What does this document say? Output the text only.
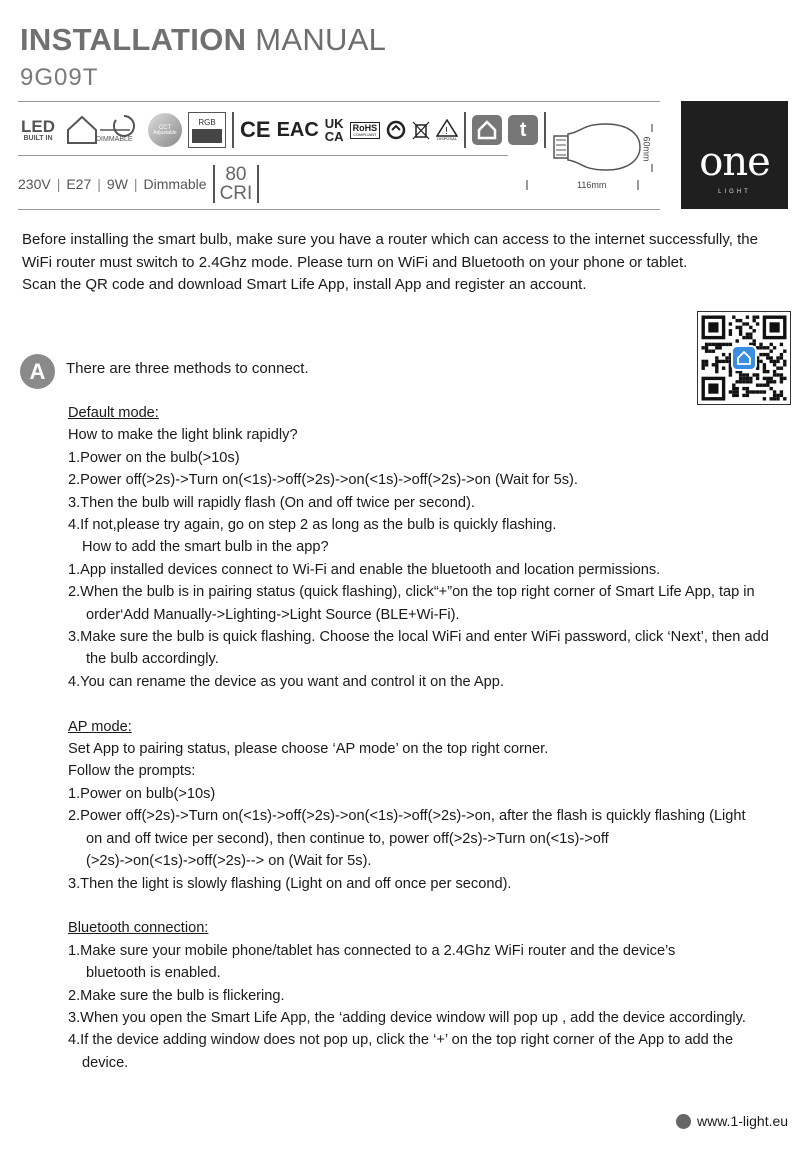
INSTALLATION MANUAL
9G09T
LED
BUILT IN	DIMMABLE
CCT
Adjustable
RGB CE EAC UK
CA
RoHS
COMPLIANT	!
DISPOSAL	t
230V | E27 | 9W | Dimmable 80
CRI	116mm
60mm	one
LIGHT
Before installing the smart bulb, make sure you have a router which can access to the internet successfully, the
WiFi router must switch to 2.4Ghz mode. Please turn on WiFi and Bluetooth on your phone or tablet.
Scan the QR code and download Smart Life App, install App and register an account.
A	There are three methods to connect.
Default mode:
How to make the light blink rapidly?
1.Power on the bulb(>10s)
2.Power off(>2s)->Turn on(<1s)->off(>2s)->on(<1s)->off(>2s)->on (Wait for 5s).
3.Then the bulb will rapidly flash (On and off twice per second).
4.If not,please try again, go on step 2 as long as the bulb is quickly flashing.
How to add the smart bulb in the app?
1.App installed devices connect to Wi-Fi and enable the bluetooth and location permissions.
2.When the bulb is in pairing status (quick flashing), click“+”on the top right corner of Smart Life App, tap in
order‘Add Manually->Lighting->Light Source (BLE+Wi-Fi).
3.Make sure the bulb is quick flashing. Choose the local WiFi and enter WiFi password, click ‘Next’, then add
the bulb accordingly.
4.You can rename the device as you want and control it on the App.
AP mode:
Set App to pairing status, please choose ‘AP mode’ on the top right corner.
Follow the prompts:
1.Power on bulb(>10s)
2.Power off(>2s)->Turn on(<1s)->off(>2s)->on(<1s)->off(>2s)->on, after the flash is quickly flashing (Light
on and off twice per second), then continue to, power off(>2s)->Turn on(<1s)->off
(>2s)->on(<1s)->off(>2s)--> on (Wait for 5s).
3.Then the light is slowly flashing (Light on and off once per second).
Bluetooth connection:
1.Make sure your mobile phone/tablet has connected to a 2.4Ghz WiFi router and the device’s
bluetooth is enabled.
2.Make sure the bulb is flickering.
3.When you open the Smart Life App, the ‘adding device window will pop up , add the device accordingly.
4.If the device adding window does not pop up, click the ‘+’ on the top right corner of the App to add the
device.
www.1-light.eu
